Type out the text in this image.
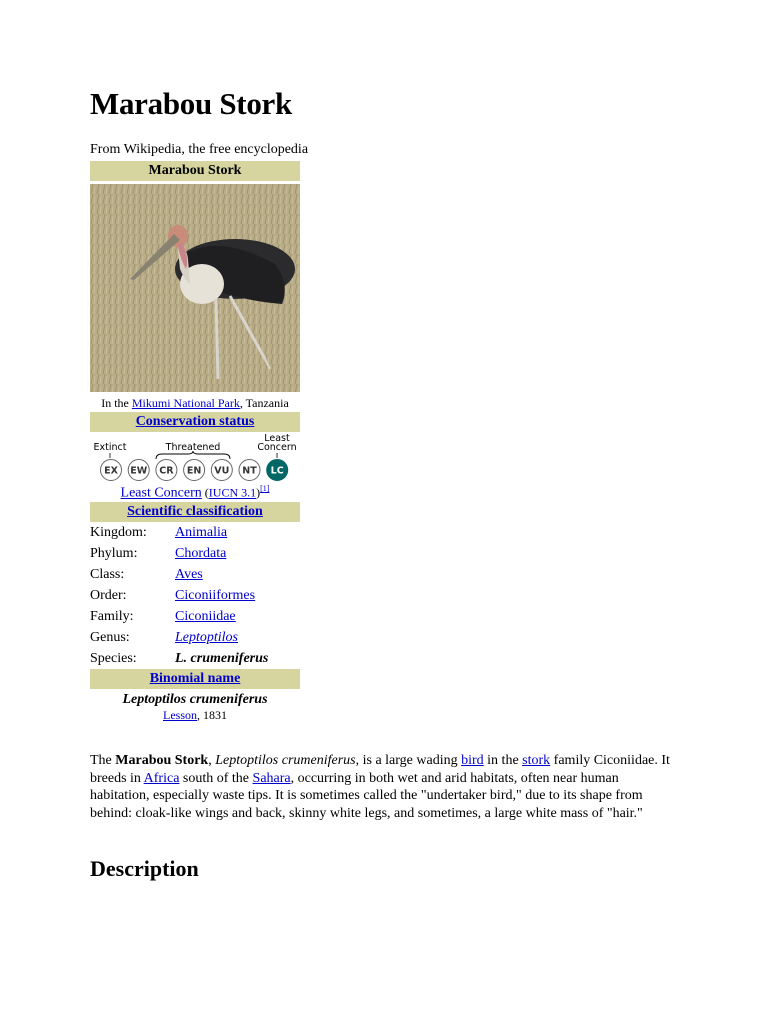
Marabou Stork
From Wikipedia, the free encyclopedia
Marabou Stork
In the Mikumi National Park, Tanzania
Conservation status
Extinct	Threatened
Least
Concern
EX EW CR EN VU NT LC
Least Concern (IUCN 3.1)[1]
Scientific classification
Kingdom: Animalia
Phylum:	Chordata
Class:	Aves
Order:	Ciconiiformes
Family:	Ciconiidae
Genus:	Leptoptilos
Species:	L. crumeniferus
Binomial name
Leptoptilos crumeniferus
Lesson, 1831
The Marabou Stork, Leptoptilos crumeniferus, is a large wading bird in the stork family Ciconiidae. It breeds in Africa south of the Sahara, occurring in both wet and arid habitats, often near human habitation, especially waste tips. It is sometimes called the "undertaker bird," due to its shape from behind: cloak-like wings and back, skinny white legs, and sometimes, a large white mass of "hair."
Description
